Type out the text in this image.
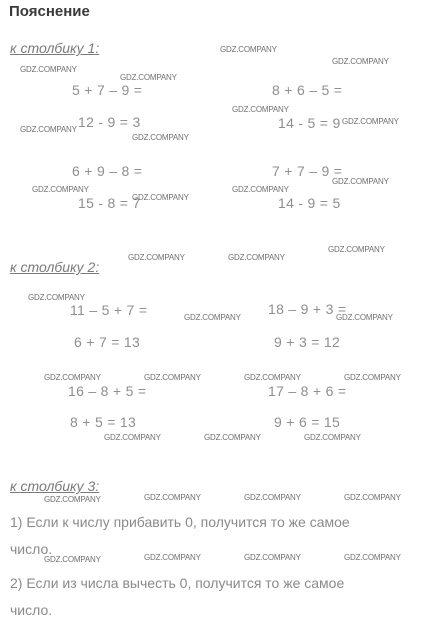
Пояснение
к столбику 1:
5 + 7 – 9 =	8 + 6 – 5 =
12 - 9 = 3	14 - 5 = 9
6 + 9 – 8 =	7 + 7 – 9 =
15 - 8 = 7	14 - 9 = 5
к столбику 2:
11 – 5 + 7 =	18 – 9 + 3 =
6 + 7 = 13	9 + 3 = 12
16 – 8 + 5 =	17 – 8 + 6 =
8 + 5 = 13	9 + 6 = 15
к столбику 3:
1) Если к числу прибавить 0, получится то же самое
число.
2) Если из числа вычесть 0, получится то же самое
число.
GDZ.COMPANY
GDZ.COMPANY
GDZ.COMPANY
GDZ.COMPANY
GDZ.COMPANY
GDZ.COMPANY
GDZ.COMPANY
GDZ.COMPANY
GDZ.COMPANY
GDZ.COMPANY	GDZ.COMPANY
GDZ.COMPANY
GDZ.COMPANY
GDZ.COMPANY	GDZ.COMPANY
GDZ.COMPANY
GDZ.COMPANY	GDZ.COMPANY
GDZ.COMPANY	GDZ.COMPANY	GDZ.COMPANY	GDZ.COMPANY
GDZ.COMPANY	GDZ.COMPANY	GDZ.COMPANY
GDZ.COMPANY	GDZ.COMPANY	GDZ.COMPANY	GDZ.COMPANY
GDZ.COMPANY	GDZ.COMPANY	GDZ.COMPANY	GDZ.COMPANY
